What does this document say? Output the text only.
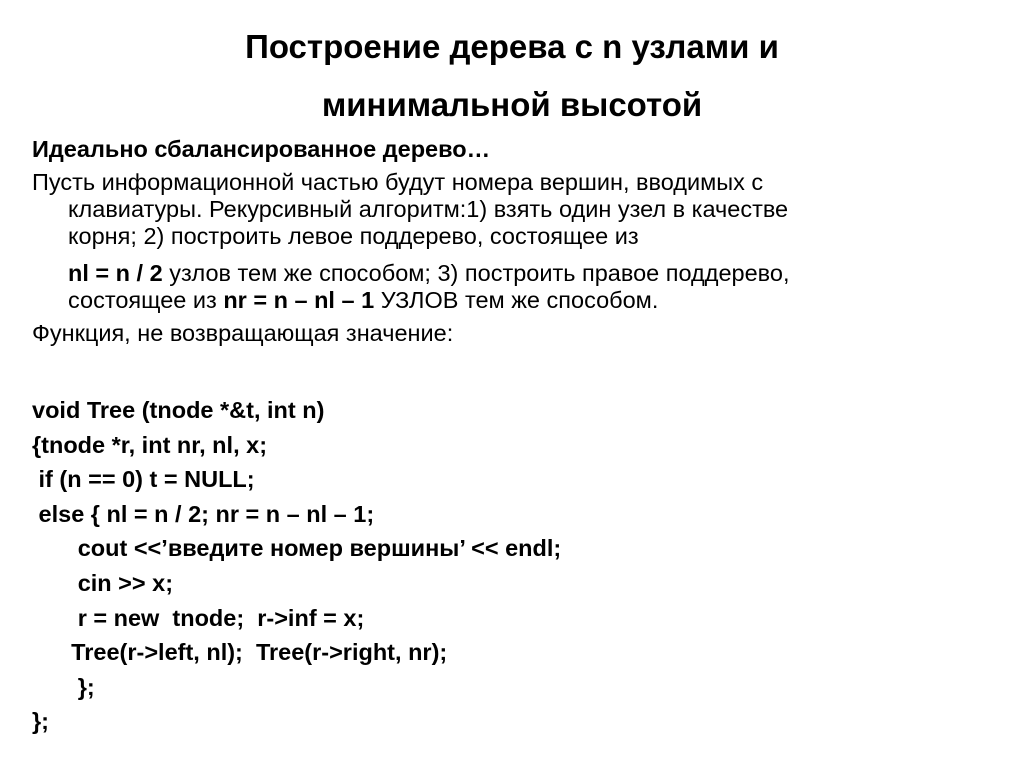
Построение дерева с n узлами и
минимальной высотой
Идеально сбалансированное дерево…
Пусть информационной частью будут номера вершин, вводимых с
клавиатуры. Рекурсивный алгоритм:1) взять один узел в качестве
корня; 2) построить левое поддерево, состоящее из
nl = n / 2 узлов тем же способом; 3) построить правое поддерево,
состоящее из nr = n – nl – 1 УЗЛОВ тем же способом.
Функция, не возвращающая значение:
void Tree (tnode *&t, int n)
{tnode *r, int nr, nl, x;
if (n == 0) t = NULL;
else { nl = n / 2; nr = n – nl – 1;
cout <<’введите номер вершины’ << endl;
cin >> x;
r = new  tnode;  r->inf = x;
Tree(r->left, nl);  Tree(r->right, nr);
};
};
